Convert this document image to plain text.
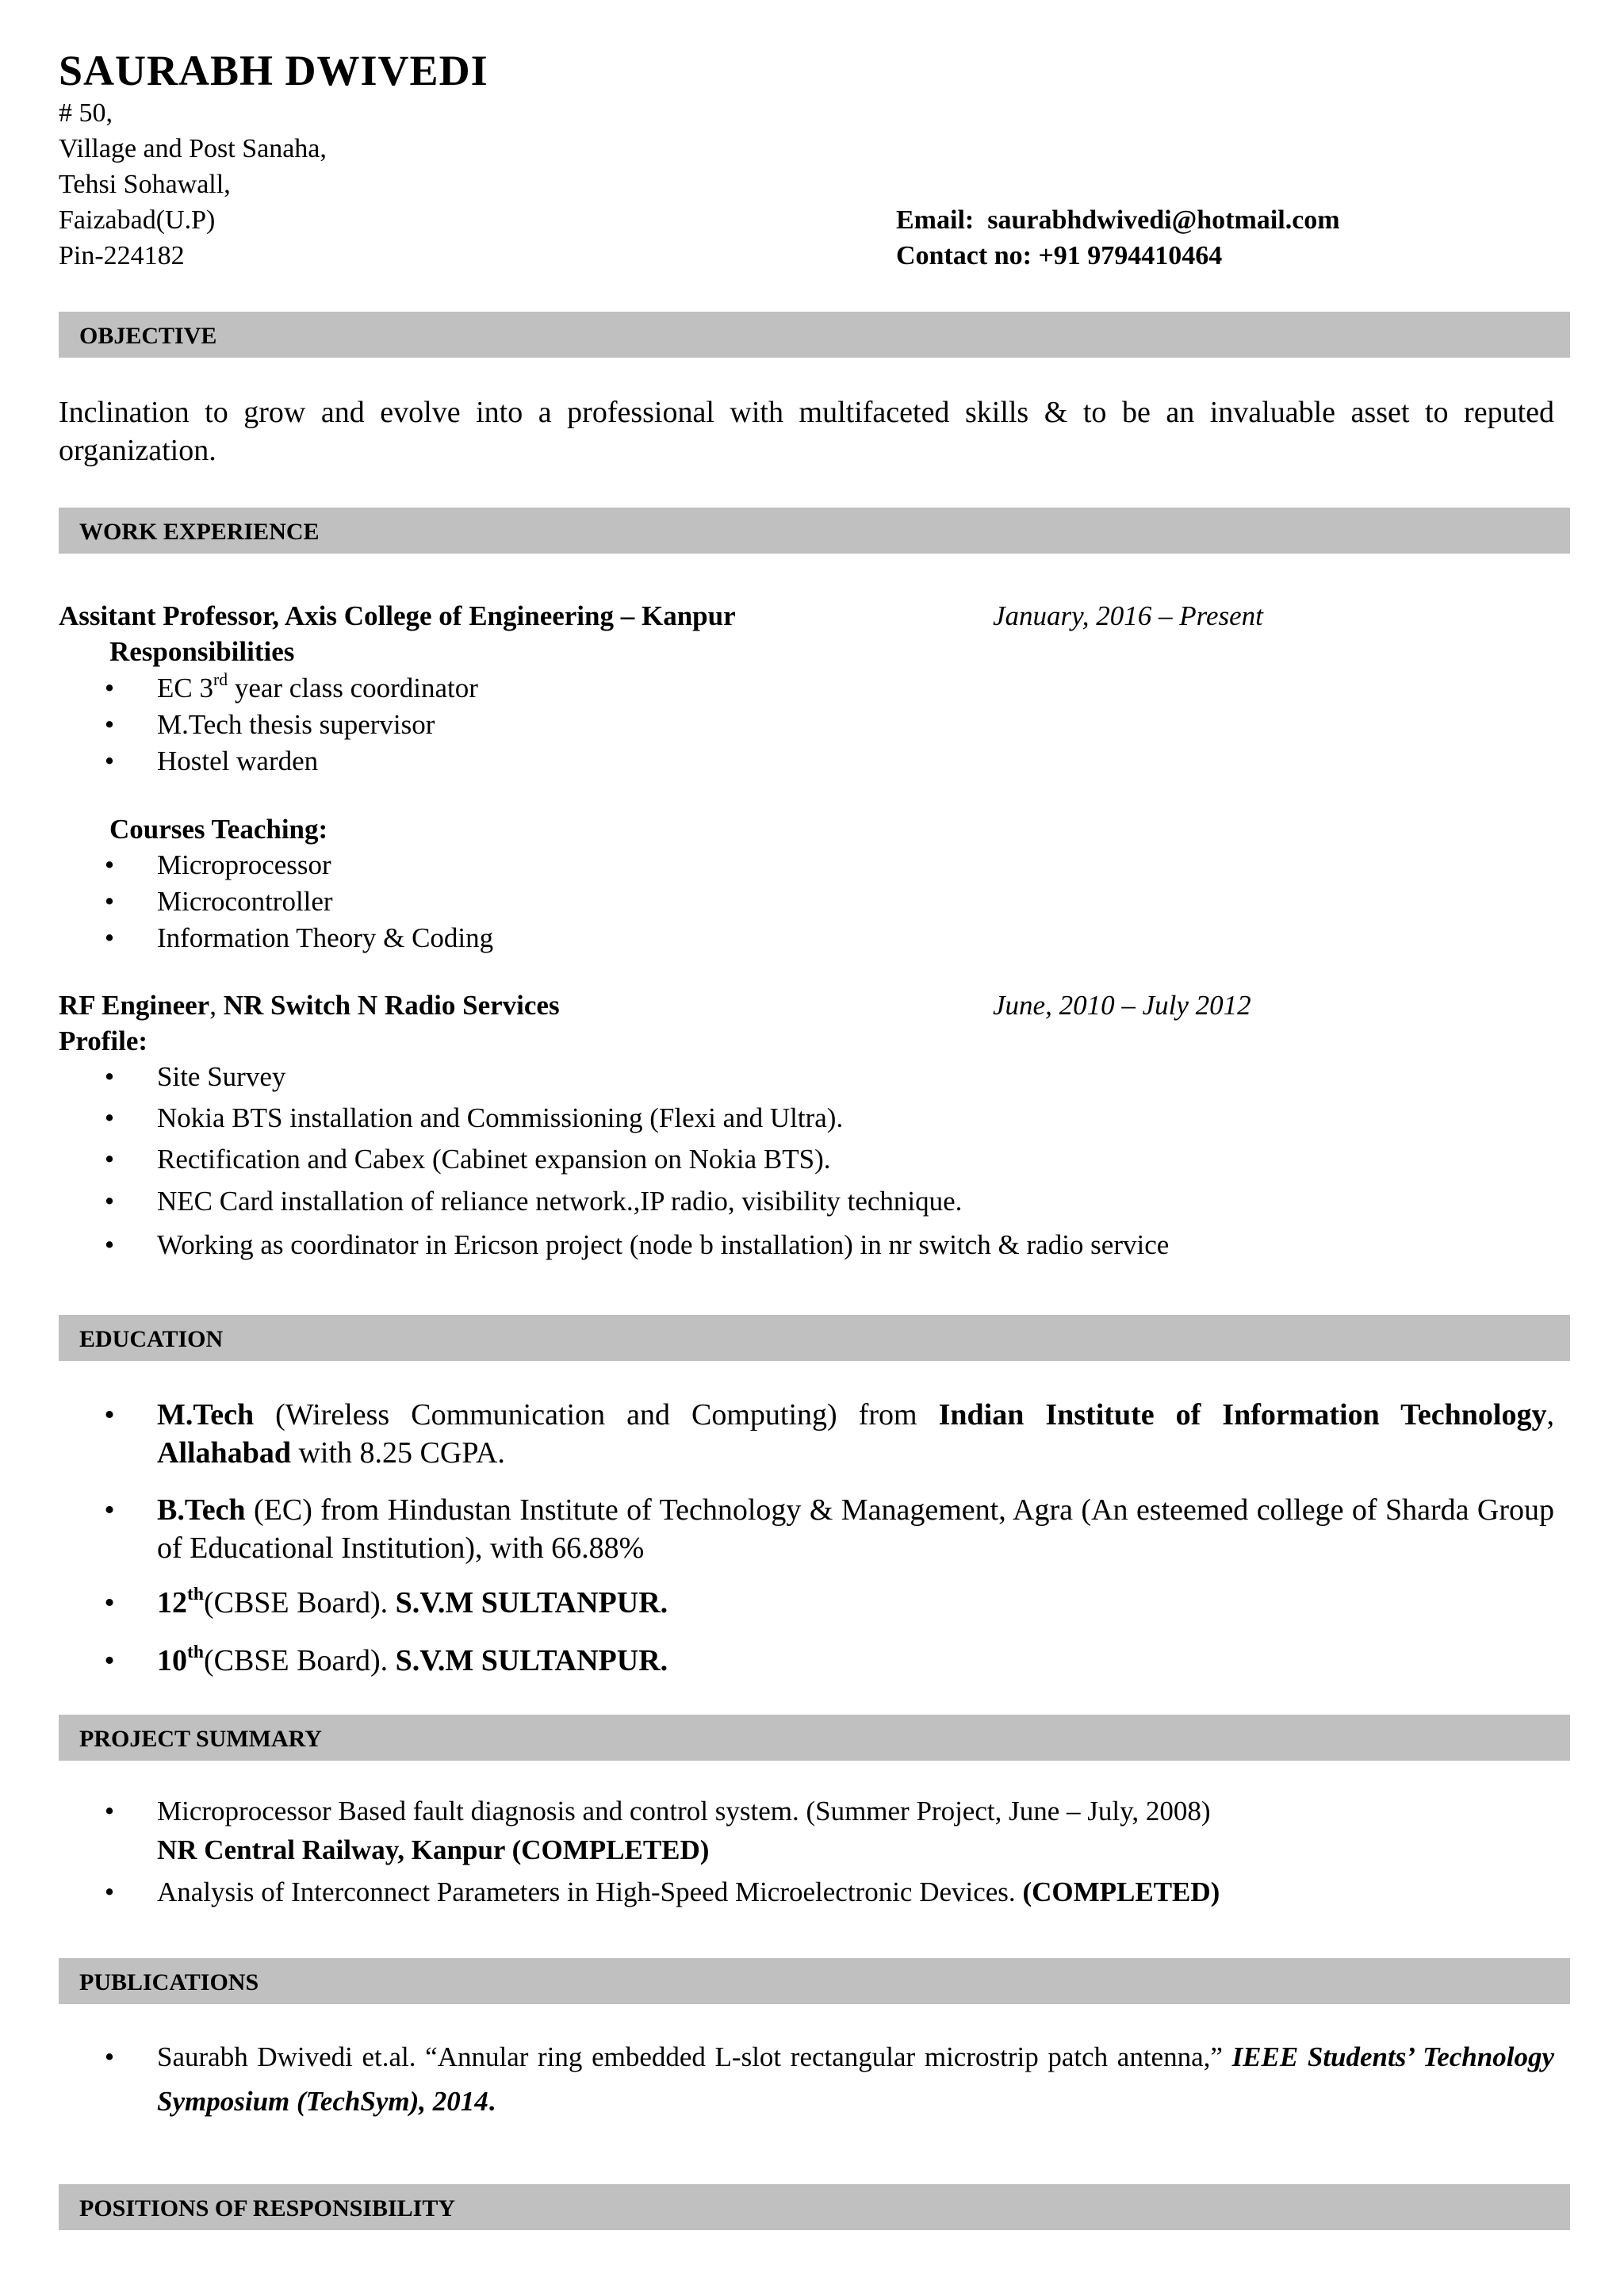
SAURABH DWIVEDI
# 50,
Village and Post Sanaha,
Tehsi Sohawall,
Faizabad(U.P)
Pin-224182
Email: saurabhdwivedi@hotmail.com
Contact no: +91 9794410464
OBJECTIVE
Inclination to grow and evolve into a professional with multifaceted skills & to be an invaluable asset to reputed organization.
WORK EXPERIENCE
Assitant Professor, Axis College of Engineering – Kanpur	January, 2016 – Present
Responsibilities
• EC 3rd year class coordinator
• M.Tech thesis supervisor
• Hostel warden
Courses Teaching:
• Microprocessor
• Microcontroller
• Information Theory & Coding
RF Engineer, NR Switch N Radio Services	June, 2010 – July 2012
Profile:
• Site Survey
• Nokia BTS installation and Commissioning (Flexi and Ultra).
• Rectification and Cabex (Cabinet expansion on Nokia BTS).
• NEC Card installation of reliance network.,IP radio, visibility technique.
• Working as coordinator in Ericson project (node b installation) in nr switch & radio service
EDUCATION
• M.Tech (Wireless Communication and Computing) from Indian Institute of Information Technology, Allahabad with 8.25 CGPA.
• B.Tech (EC) from Hindustan Institute of Technology & Management, Agra (An esteemed college of Sharda Group of Educational Institution), with 66.88%
• 12th(CBSE Board). S.V.M SULTANPUR.
• 10th(CBSE Board). S.V.M SULTANPUR.
PROJECT SUMMARY
• Microprocessor Based fault diagnosis and control system. (Summer Project, June – July, 2008)
NR Central Railway, Kanpur (COMPLETED)
• Analysis of Interconnect Parameters in High-Speed Microelectronic Devices. (COMPLETED)
PUBLICATIONS
• Saurabh Dwivedi et.al. “Annular ring embedded L-slot rectangular microstrip patch antenna,” IEEE Students’ Technology Symposium (TechSym), 2014.
POSITIONS OF RESPONSIBILITY
